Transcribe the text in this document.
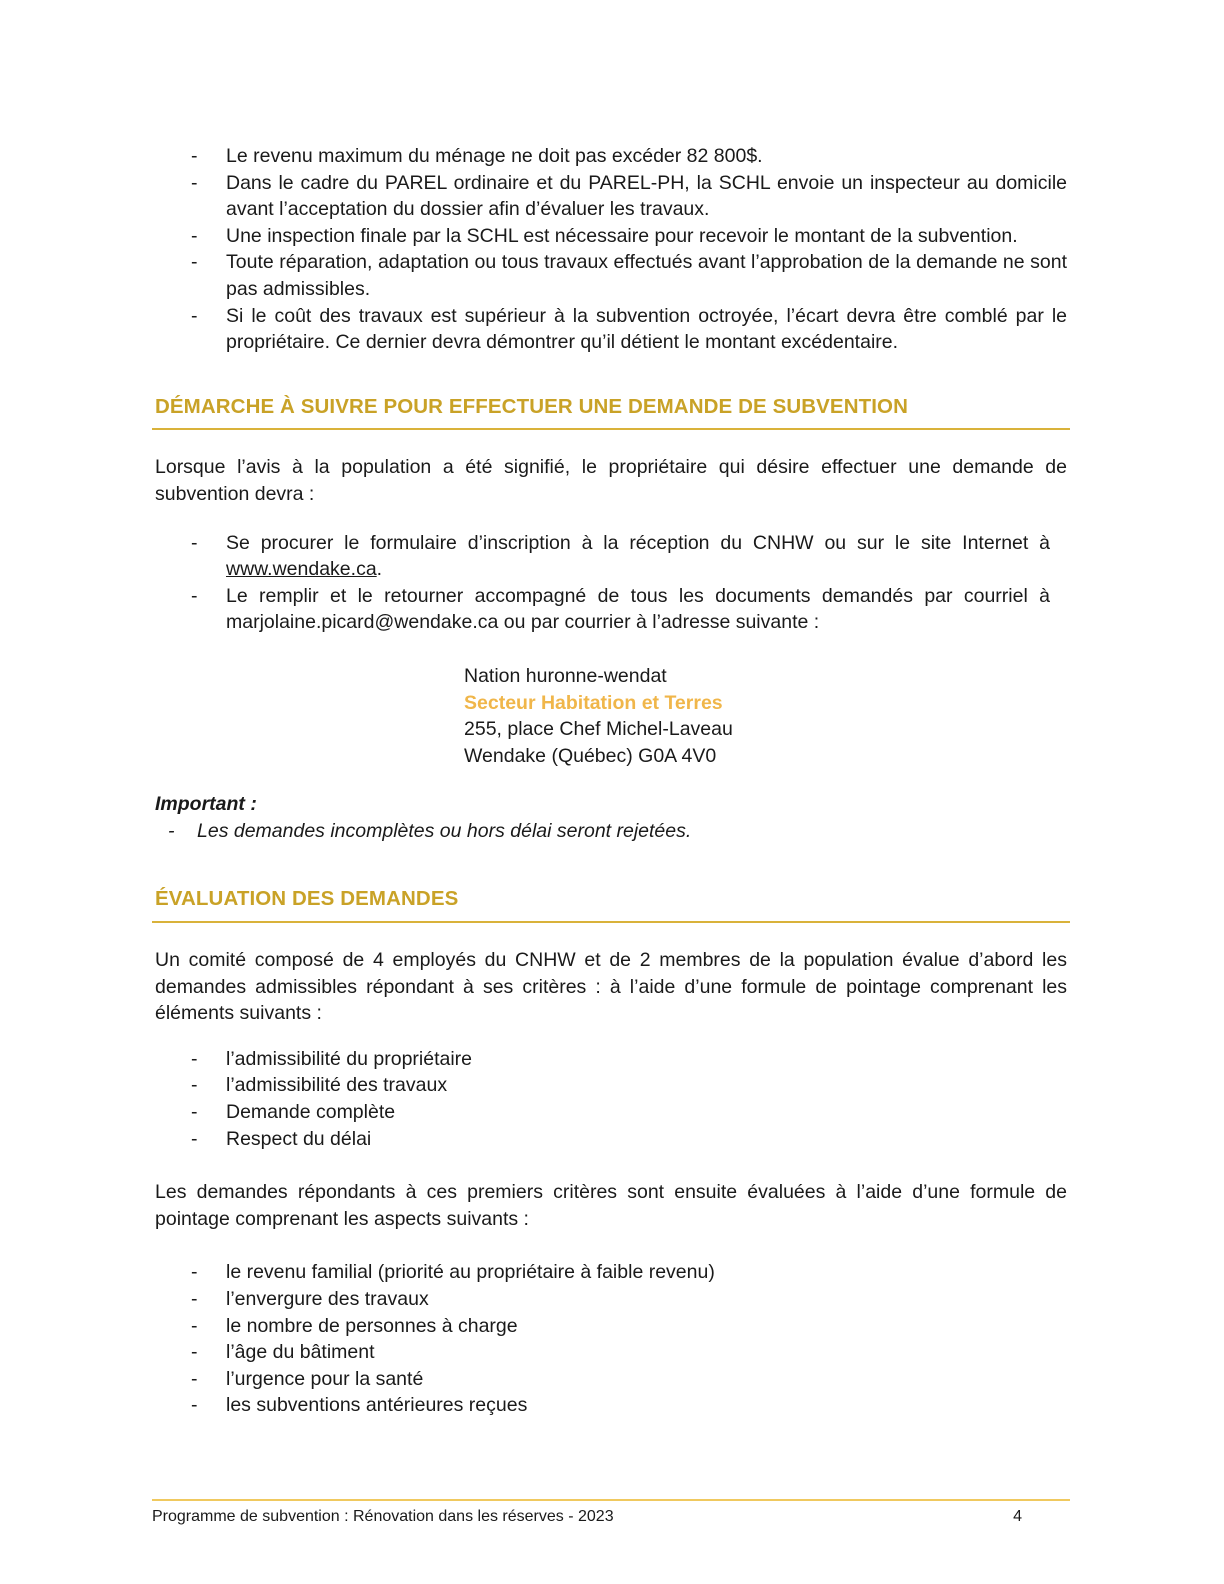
- Le revenu maximum du ménage ne doit pas excéder 82 800$.
- Dans le cadre du PAREL ordinaire et du PAREL-PH, la SCHL envoie un inspecteur au domicile avant l’acceptation du dossier afin d’évaluer les travaux.
- Une inspection finale par la SCHL est nécessaire pour recevoir le montant de la subvention.
- Toute réparation, adaptation ou tous travaux effectués avant l’approbation de la demande ne sont pas admissibles.
- Si le coût des travaux est supérieur à la subvention octroyée, l’écart devra être comblé par le propriétaire. Ce dernier devra démontrer qu’il détient le montant excédentaire.
DÉMARCHE À SUIVRE POUR EFFECTUER UNE DEMANDE DE SUBVENTION

Lorsque l’avis à la population a été signifié, le propriétaire qui désire effectuer une demande de subvention devra :

- Se procurer le formulaire d’inscription à la réception du CNHW ou sur le site Internet à www.wendake.ca.
- Le remplir et le retourner accompagné de tous les documents demandés par courriel à marjolaine.picard@wendake.ca ou par courrier à l’adresse suivante :
Nation huronne-wendat
Secteur Habitation et Terres
255, place Chef Michel-Laveau
Wendake (Québec) G0A 4V0
Important :
- Les demandes incomplètes ou hors délai seront rejetées.
ÉVALUATION DES DEMANDES

Un comité composé de 4 employés du CNHW et de 2 membres de la population évalue d’abord les demandes admissibles répondant à ses critères : à l’aide d’une formule de pointage comprenant les éléments suivants :

- l’admissibilité du propriétaire
- l’admissibilité des travaux
- Demande complète
- Respect du délai

Les demandes répondants à ces premiers critères sont ensuite évaluées à l’aide d’une formule de pointage comprenant les aspects suivants :

- le revenu familial (priorité au propriétaire à faible revenu)
- l’envergure des travaux
- le nombre de personnes à charge
- l’âge du bâtiment
- l’urgence pour la santé
- les subventions antérieures reçues
Programme de subvention : Rénovation dans les réserves - 2023	4
